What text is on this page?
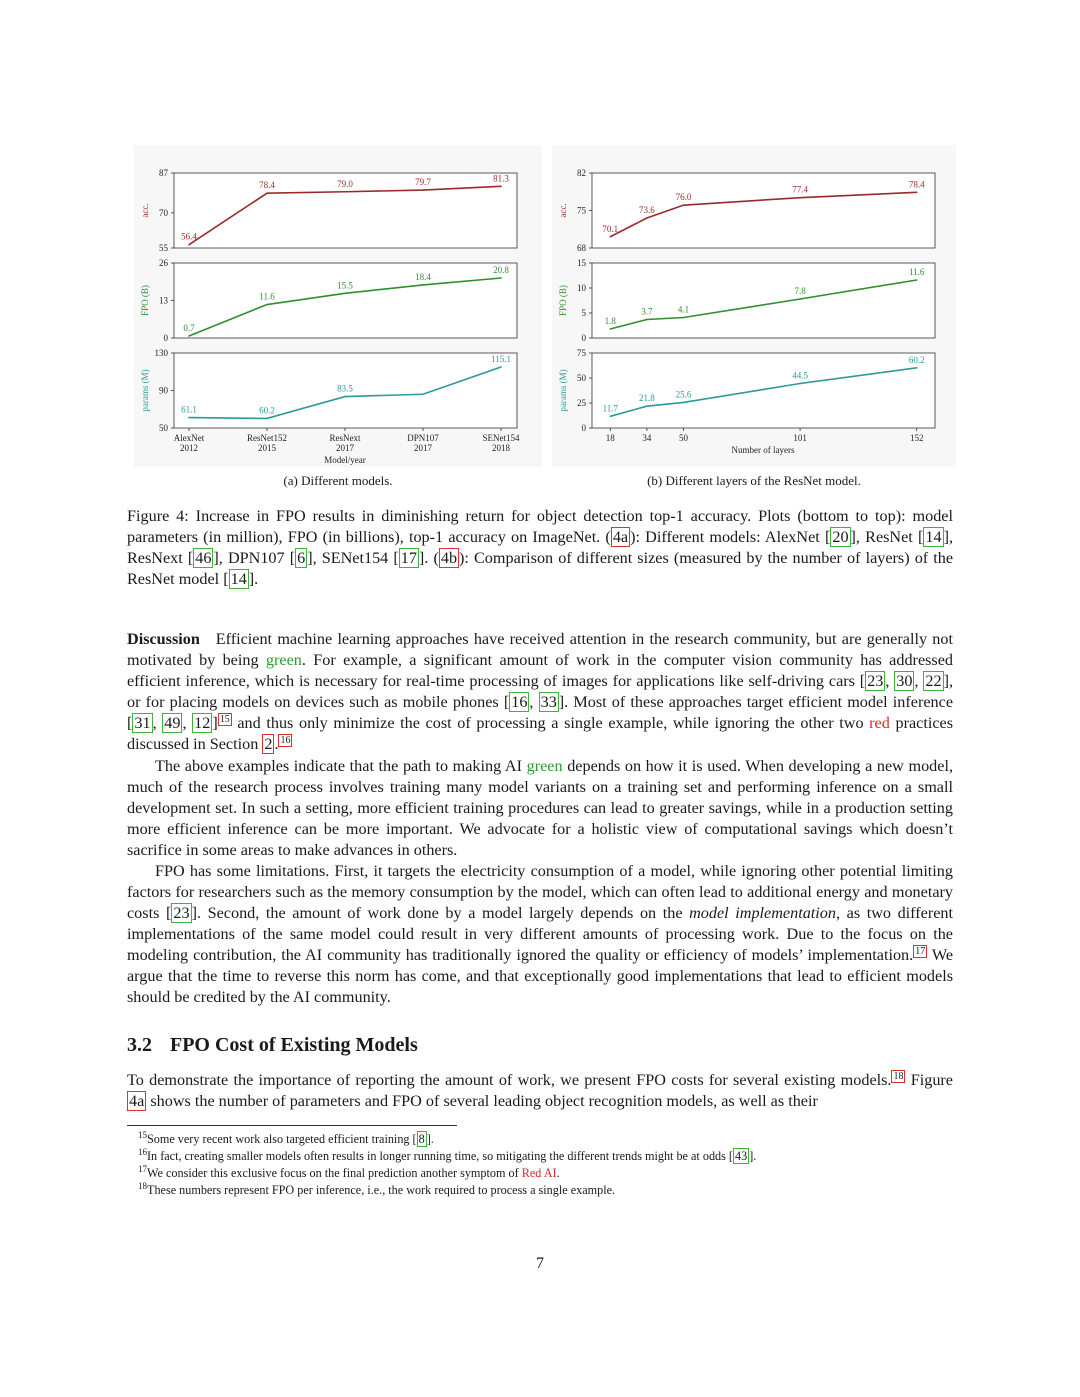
87
70
55
acc.
56.4
78.4	79.0	79.7	81.3
26
13
0
FPO (B)
0.7
11.6
15.5
18.4
20.8
130
90
50
params (M)	61.1	60.2
83.5
115.1
AlexNet
2012
ResNet152
2015
ResNext
2017
DPN107
2017
SENet154
2018
Model/year
82
75
68
acc.
70.1
73.6
76.0
77.4
78.4
15
10
5
0
FPO (B)
1.8
3.7	4.1
7.8
11.6
75
50
25
0
params (M)	11.7
21.8 25.6
44.5
60.2
18	34	50	101	152
Number of layers
(a) Different models.	(b) Different layers of the ResNet model.

Figure 4: Increase in FPO results in diminishing return for object detection top-1 accuracy. Plots (bottom to top): model parameters (in million), FPO (in billions), top-1 accuracy on ImageNet. ( 4a ): Different models: AlexNet [ 20 ], ResNet [ 14 ], ResNext [ 46 ], DPN107 [ 6 ], SENet154 [ 17 ]. ( 4b ): Comparison of different sizes (measured by the number of layers) of the ResNet model [ 14 ].

Discussion Efficient machine learning approaches have received attention in the research community, but are generally not motivated by being green. For example, a significant amount of work in the computer vision community has addressed efficient inference, which is necessary for real-time processing of images for applications like self-driving cars [ 23 , 30 , 22 ], or for placing models on devices such as mobile phones [ 16 , 33 ]. Most of these approaches target efficient model inference [ 31 , 49 , 12 ] $^{15}$ and thus only minimize the cost of processing a single example, while ignoring the other two red practices discussed in Section 2 . $^{16}$

The above examples indicate that the path to making AI green depends on how it is used. When developing a new model, much of the research process involves training many model variants on a training set and performing inference on a small development set. In such a setting, more efficient training procedures can lead to greater savings, while in a production setting more efficient inference can be more important. We advocate for a holistic view of computational savings which doesn’t sacrifice in some areas to make advances in others.

FPO has some limitations. First, it targets the electricity consumption of a model, while ignoring other potential limiting factors for researchers such as the memory consumption by the model, which can often lead to additional energy and monetary costs [ 23 ]. Second, the amount of work done by a model largely depends on the model implementation, as two different implementations of the same model could result in very different amounts of processing work. Due to the focus on the modeling contribution, the AI community has traditionally ignored the quality or efficiency of models’ implementation. $^{17}$ We argue that the time to reverse this norm has come, and that exceptionally good implementations that lead to efficient models should be credited by the AI community.

3.2 FPO Cost of Existing Models

To demonstrate the importance of reporting the amount of work, we present FPO costs for several existing models. $^{18}$ Figure 4a shows the number of parameters and FPO of several leading object recognition models, as well as their

$^{15}$Some very recent work also targeted efficient training [ 8 ].

$^{16}$In fact, creating smaller models often results in longer running time, so mitigating the different trends might be at odds [ 43 ].

$^{17}$We consider this exclusive focus on the final prediction another symptom of Red AI.

$^{18}$These numbers represent FPO per inference, i.e., the work required to process a single example.

7
